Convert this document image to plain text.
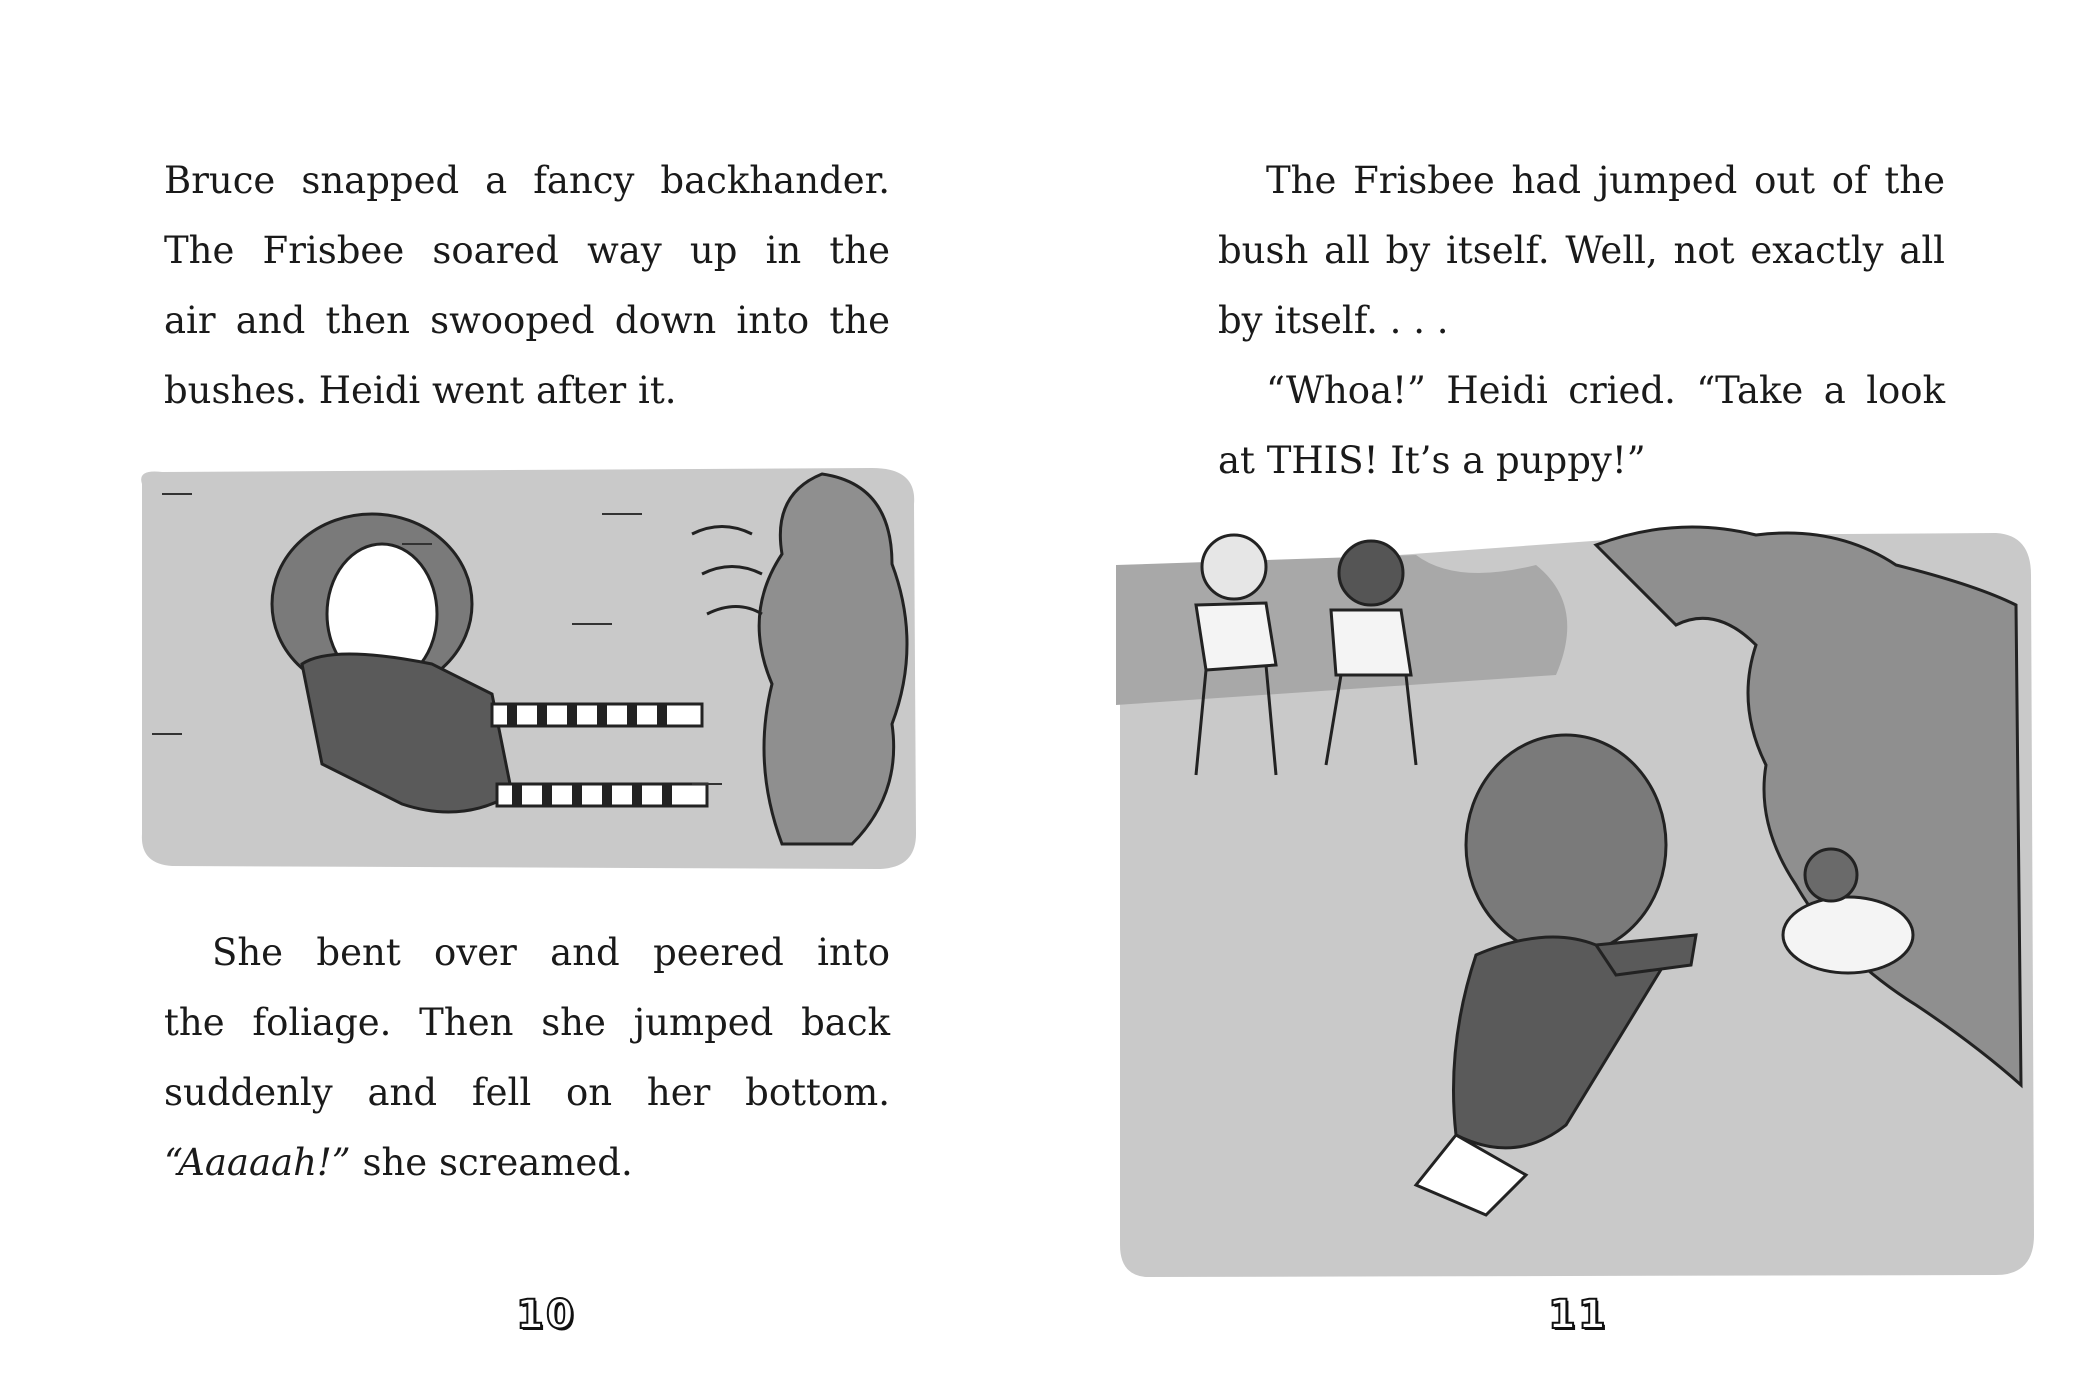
Bruce snapped a fancy backhander.
The Frisbee soared way up in the
air and then swooped down into the
bushes. Heidi went after it.
She bent over and peered into
the foliage. Then she jumped back
suddenly and fell on her bottom.
“Aaaaah!” she screamed.
10
The Frisbee had jumped out of the
bush all by itself. Well, not exactly all
by itself. . . .
“Whoa!” Heidi cried. “Take a look
at THIS! It’s a puppy!”
11
